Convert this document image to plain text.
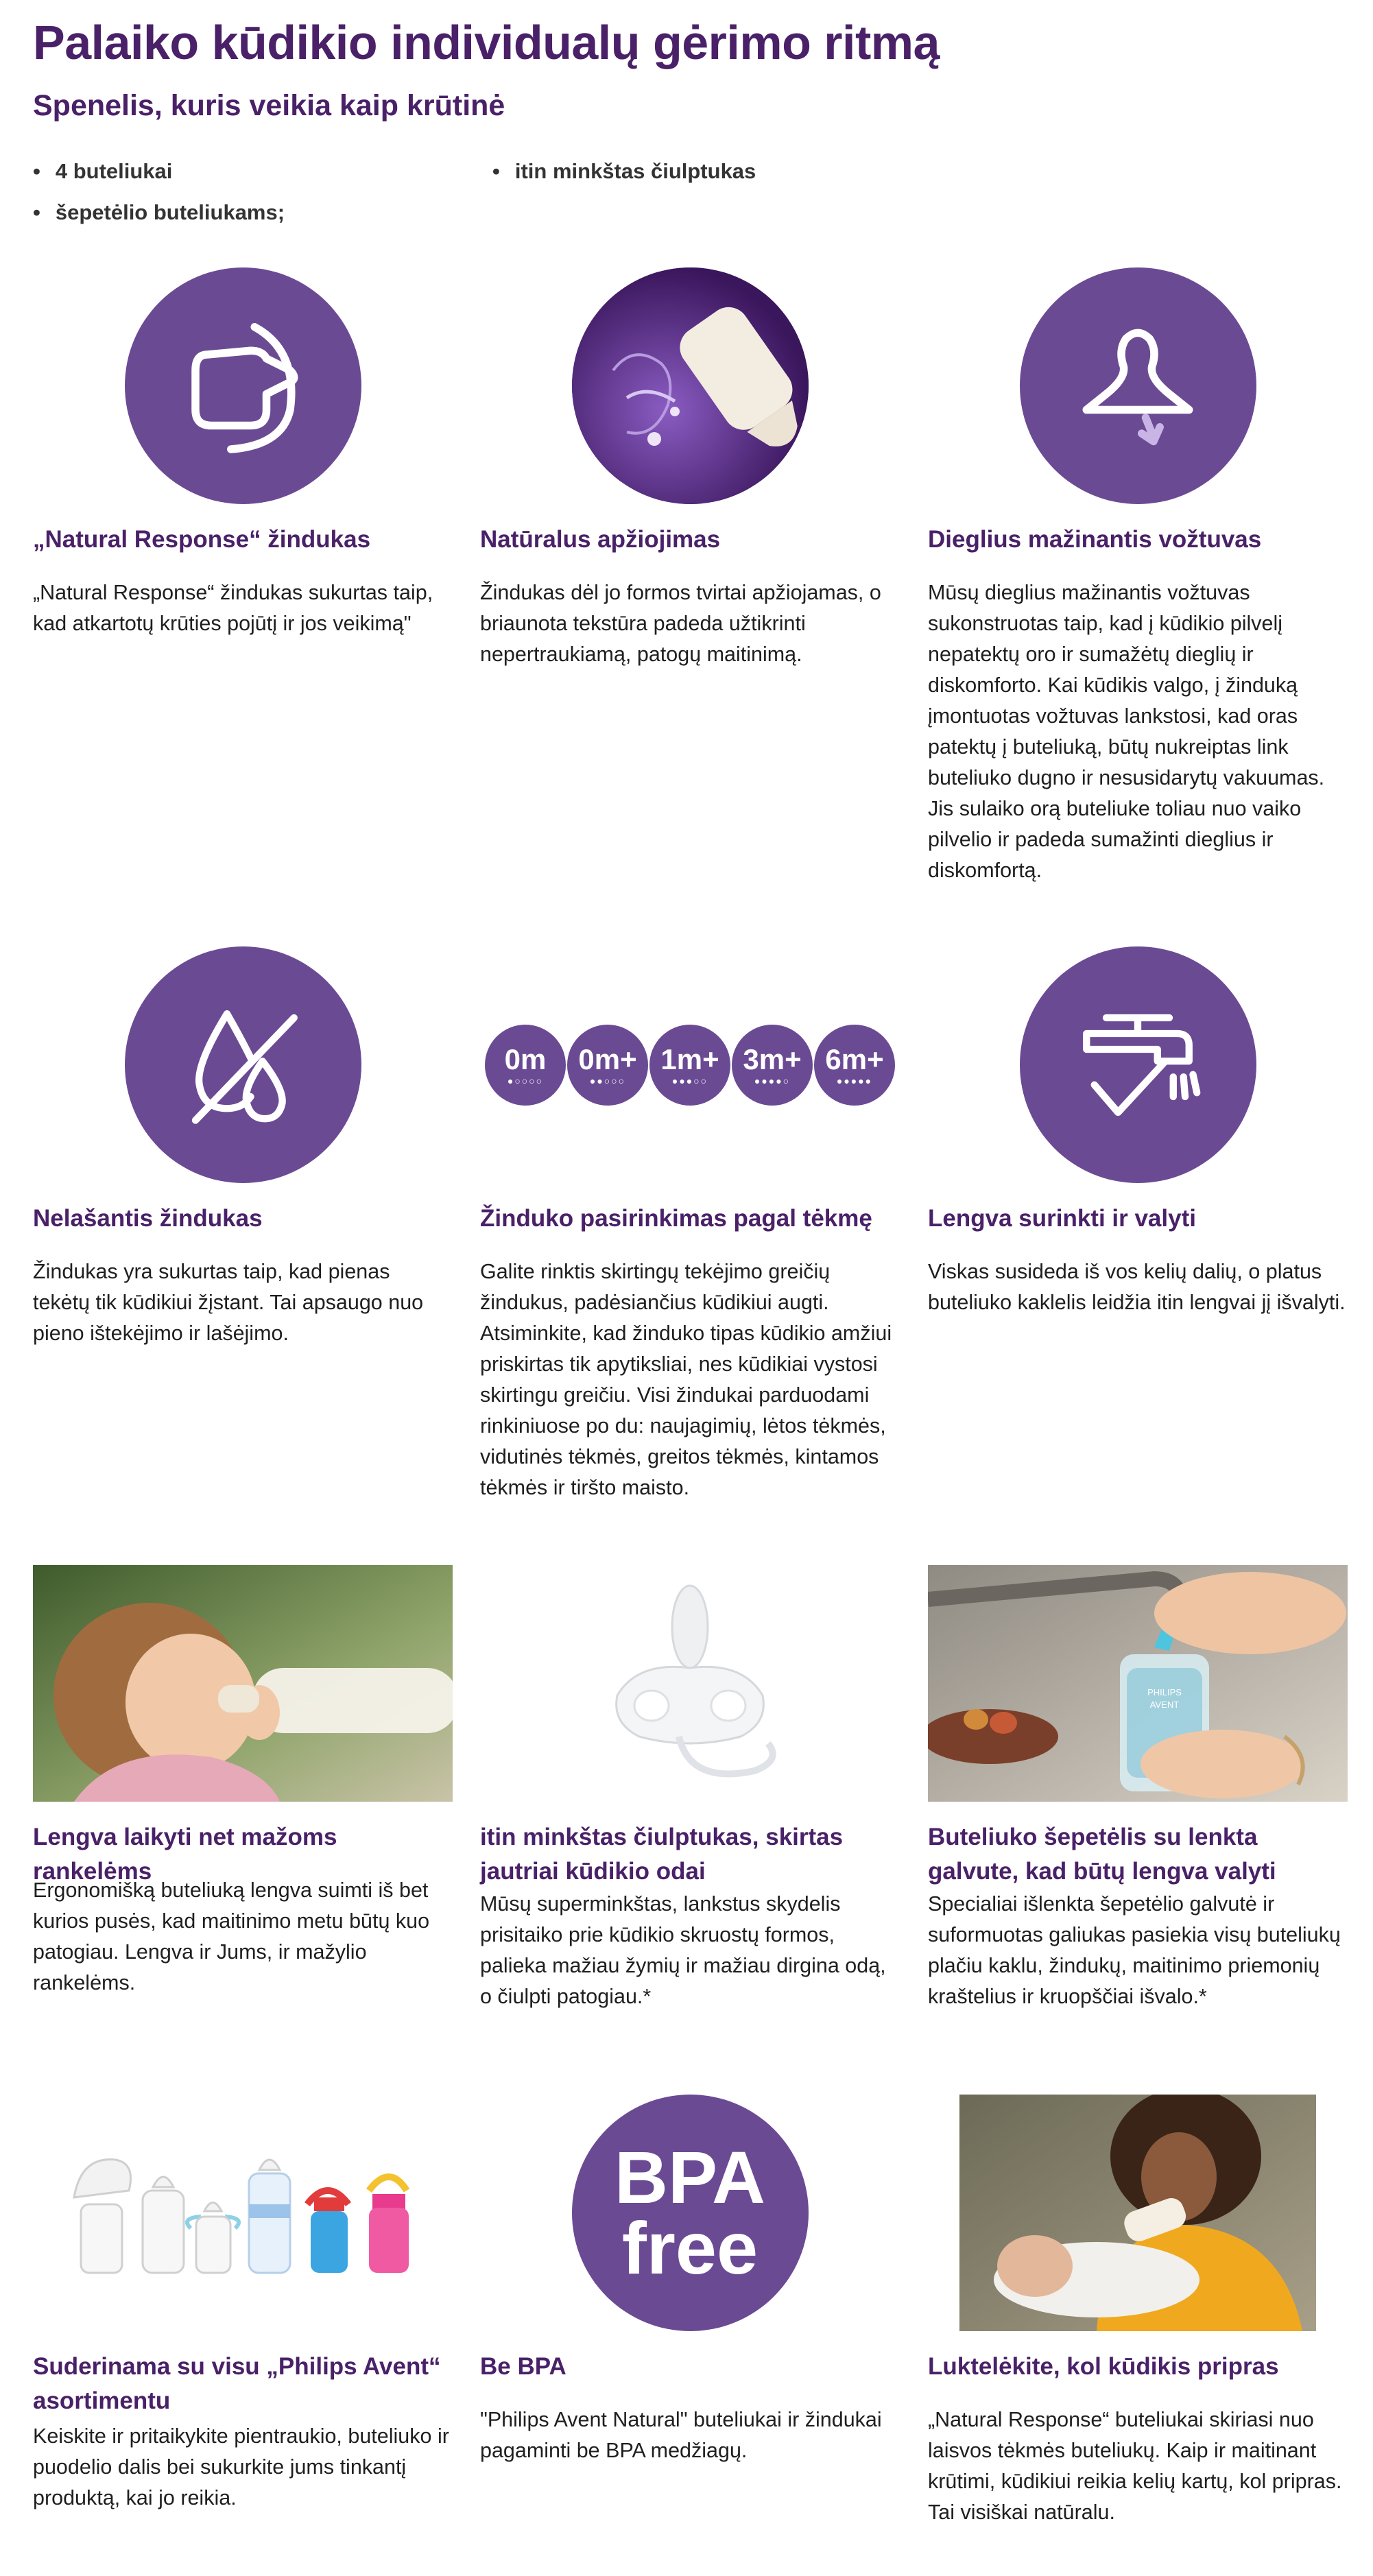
Palaiko kūdikio individualų gėrimo ritmą
Spenelis, kuris veikia kaip krūtinė
• 4 buteliukai
•	itin minkštas čiulptukas
• šepetėlio buteliukams;
„Natural Response“ žindukas

„Natural Response“ žindukas sukurtas taip, kad atkartotų krūties pojūtį ir jos veikimą"

Natūralus apžiojimas

Žindukas dėl jo formos tvirtai apžiojamas, o briaunota tekstūra padeda užtikrinti nepertraukiamą, patogų maitinimą.

Dieglius mažinantis vožtuvas

Mūsų dieglius mažinantis vožtuvas sukonstruotas taip, kad į kūdikio pilvelį nepatektų oro ir sumažėtų dieglių ir diskomforto. Kai kūdikis valgo, į žinduką įmontuotas vožtuvas lankstosi, kad oras patektų į buteliuką, būtų nukreiptas link buteliuko dugno ir nesusidarytų vakuumas. Jis sulaiko orą buteliuke toliau nuo vaiko pilvelio ir padeda sumažinti dieglius ir diskomfortą.

Nelašantis žindukas

Žindukas yra sukurtas taip, kad pienas tekėtų tik kūdikiui žįstant. Tai apsaugo nuo pieno ištekėjimo ir lašėjimo.

0m
●○○○○
0m+
●●○○○
1m+
●●●○○
3m+
●●●●○
6m+
●●●●●
Žinduko pasirinkimas pagal tėkmę

Galite rinktis skirtingų tekėjimo greičių žindukus, padėsiančius kūdikiui augti. Atsiminkite, kad žinduko tipas kūdikio amžiui priskirtas tik apytiksliai, nes kūdikiai vystosi skirtingu greičiu. Visi žindukai parduodami rinkiniuose po du: naujagimių, lėtos tėkmės, vidutinės tėkmės, greitos tėkmės, kintamos tėkmės ir tiršto maisto.

Lengva surinkti ir valyti

Viskas susideda iš vos kelių dalių, o platus buteliuko kaklelis leidžia itin lengvai jį išvalyti.

Lengva laikyti net mažoms rankelėms

Ergonomišką buteliuką lengva suimti iš bet kurios pusės, kad maitinimo metu būtų kuo patogiau. Lengva ir Jums, ir mažylio rankelėms.

itin minkštas čiulptukas, skirtas jautriai kūdikio odai

Mūsų superminkštas, lankstus skydelis prisitaiko prie kūdikio skruostų formos, palieka mažiau žymių ir mažiau dirgina odą, o čiulpti patogiau.*

PHILIPS
AVENT
Buteliuko šepetėlis su lenkta galvute, kad būtų lengva valyti

Specialiai išlenkta šepetėlio galvutė ir suformuotas galiukas pasiekia visų buteliukų plačiu kaklu, žindukų, maitinimo priemonių kraštelius ir kruopščiai išvalo.*

Suderinama su visu „Philips Avent“ asortimentu

Keiskite ir pritaikykite pientraukio, buteliuko ir puodelio dalis bei sukurkite jums tinkantį produktą, kai jo reikia.

BPA
free
Be BPA

"Philips Avent Natural" buteliukai ir žindukai pagaminti be BPA medžiagų.

Luktelėkite, kol kūdikis pripras

„Natural Response“ buteliukai skiriasi nuo laisvos tėkmės buteliukų. Kaip ir maitinant krūtimi, kūdikiui reikia kelių kartų, kol pripras. Tai visiškai natūralu.
